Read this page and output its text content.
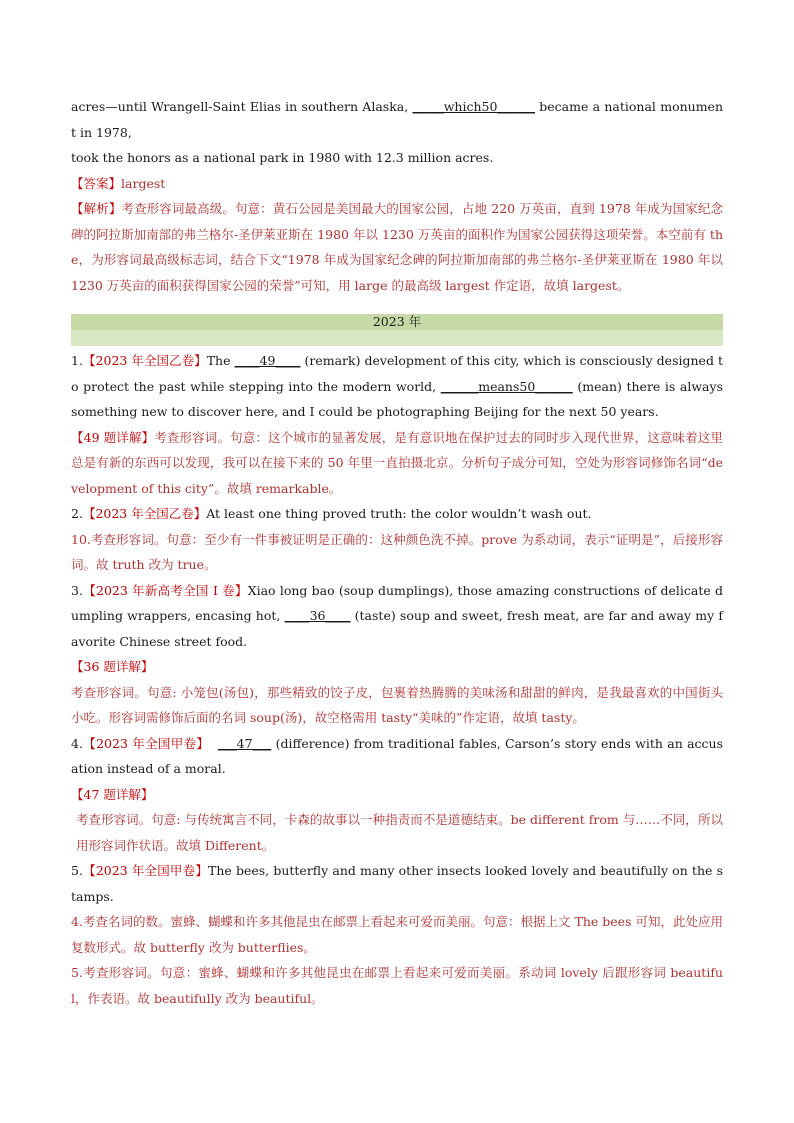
acres—until Wrangell-Saint Elias in southern Alaska, _____which50______ became a national monument in 1978,

took the honors as a national park in 1980 with 12.3 million acres.

【答案】largest

【解析】考查形容词最高级。句意：黄石公园是美国最大的国家公园，占地 220 万英亩，直到 1978 年成为国家纪念碑的阿拉斯加南部的弗兰格尔-圣伊莱亚斯在 1980 年以 1230 万英亩的面积作为国家公园获得这项荣誉。本空前有 the，为形容词最高级标志词，结合下文“1978 年成为国家纪念碑的阿拉斯加南部的弗兰格尔-圣伊莱亚斯在 1980 年以 1230 万英亩的面积获得国家公园的荣誉”可知，用 large 的最高级 largest 作定语，故填 largest。

2023 年

1.【2023 年全国乙卷】The ____49____ (remark) development of this city, which is consciously designed to protect the past while stepping into the modern world, ______means50______ (mean) there is always something new to discover here, and I could be photographing Beijing for the next 50 years.

【49 题详解】考查形容词。句意：这个城市的显著发展，是有意识地在保护过去的同时步入现代世界，这意味着这里总是有新的东西可以发现，我可以在接下来的 50 年里一直拍摄北京。分析句子成分可知，空处为形容词修饰名词“development of this city”。故填 remarkable。

2.【2023 年全国乙卷】At least one thing proved truth: the color wouldn’t wash out.

10.考查形容词。句意：至少有一件事被证明是正确的：这种颜色洗不掉。prove 为系动词，表示“证明是”，后接形容词。故 truth 改为 true。

3.【2023 年新高考全国 I 卷】Xiao long bao (soup dumplings), those amazing constructions of delicate dumpling wrappers, encasing hot, ____36____ (taste) soup and sweet, fresh meat, are far and away my favorite Chinese street food.

【36 题详解】

考查形容词。句意: 小笼包(汤包)，那些精致的饺子皮，包裹着热腾腾的美味汤和甜甜的鲜肉，是我最喜欢的中国街头小吃。形容词需修饰后面的名词 soup(汤)，故空格需用 tasty“美味的”作定语，故填 tasty。

4.【2023 年全国甲卷】 ___47___ (difference) from traditional fables, Carson’s story ends with an accusation instead of a moral.

【47 题详解】

考查形容词。句意: 与传统寓言不同，卡森的故事以一种指责而不是道德结束。be different from 与……不同，所以用形容词作状语。故填 Different。

5.【2023 年全国甲卷】The bees, butterfly and many other insects looked lovely and beautifully on the stamps.

4.考查名词的数。蜜蜂、蝴蝶和许多其他昆虫在邮票上看起来可爱而美丽。句意：根据上文 The bees 可知，此处应用复数形式。故 butterfly 改为 butterflies。

5.考查形容词。句意：蜜蜂、蝴蝶和许多其他昆虫在邮票上看起来可爱而美丽。系动词 lovely 后跟形容词 beautiful，作表语。故 beautifully 改为 beautiful。
